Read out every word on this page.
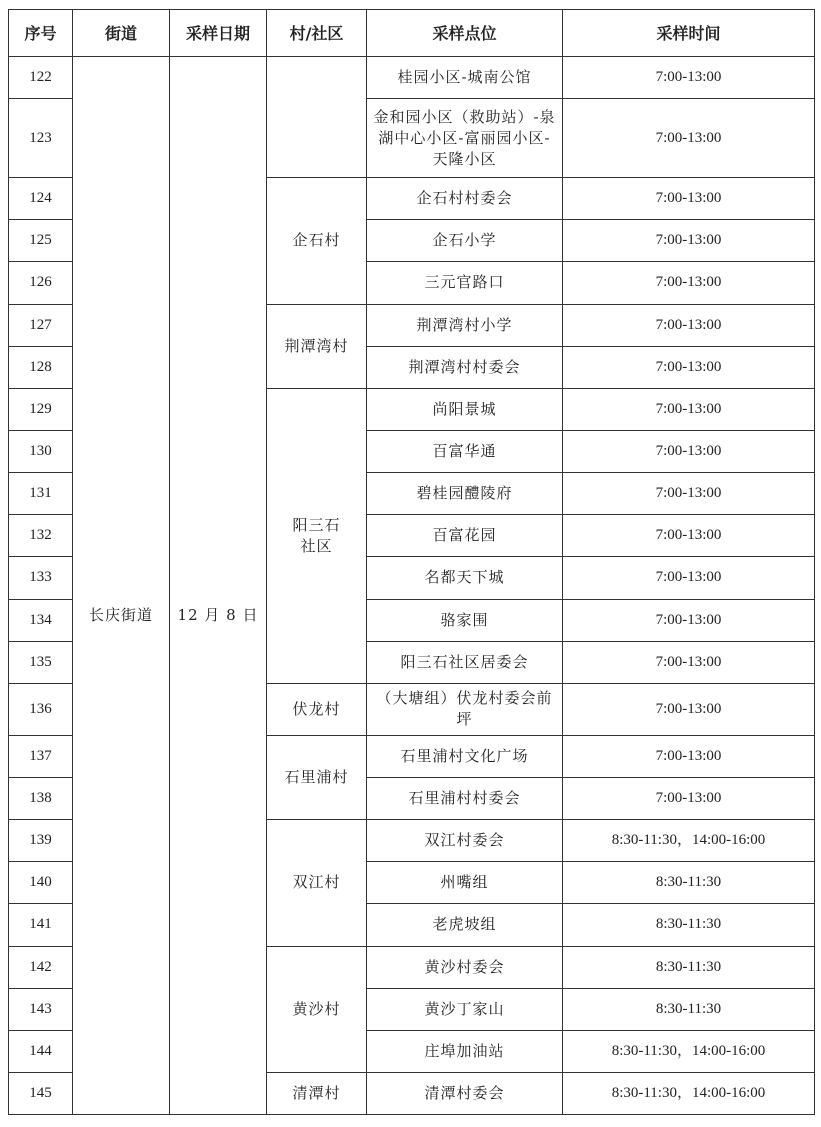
序号	街道	采样日期	村/社区	采样点位	采样时间
122	长庆街道	12 月 8 日		桂园小区-城南公馆	7:00-13:00
123				金和园小区（救助站）-泉湖中心小区-富丽园小区-天隆小区	7:00-13:00
124			企石村	企石村村委会	7:00-13:00
125				企石小学	7:00-13:00
126				三元官路口	7:00-13:00
127			荆潭湾村	荆潭湾村小学	7:00-13:00
128				荆潭湾村村委会	7:00-13:00
129			阳三石社区	尚阳景城	7:00-13:00
130				百富华通	7:00-13:00
131				碧桂园醴陵府	7:00-13:00
132				百富花园	7:00-13:00
133				名都天下城	7:00-13:00
134				骆家围	7:00-13:00
135				阳三石社区居委会	7:00-13:00
136			伏龙村	（大塘组）伏龙村委会前坪	7:00-13:00
137			石里浦村	石里浦村文化广场	7:00-13:00
138				石里浦村村委会	7:00-13:00
139			双江村	双江村委会	8:30-11:30，14:00-16:00
140				州嘴组	8:30-11:30
141				老虎坡组	8:30-11:30
142			黄沙村	黄沙村委会	8:30-11:30
143				黄沙丁家山	8:30-11:30
144				庄埠加油站	8:30-11:30，14:00-16:00
145			清潭村	清潭村委会	8:30-11:30，14:00-16:00
